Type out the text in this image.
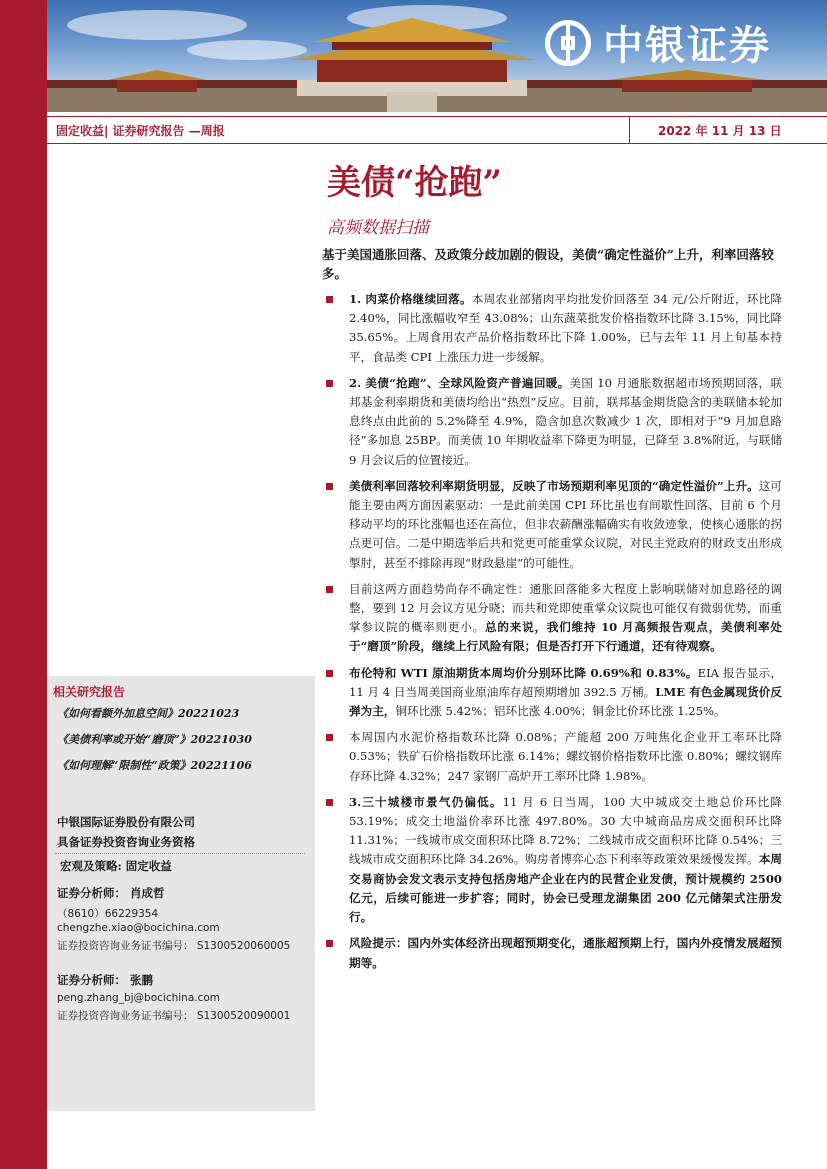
中银证券
固定收益| 证券研究报告 —周报	2022 年 11 月 13 日
美债“抢跑”
高频数据扫描
基于美国通胀回落、及政策分歧加剧的假设，美债“确定性溢价”上升，利率回落较多。
1. 肉菜价格继续回落。本周农业部猪肉平均批发价回落至 34 元/公斤附近，环比降 2.40%，同比涨幅收窄至 43.08%；山东蔬菜批发价格指数环比降 3.15%，同比降 35.65%。上周食用农产品价格指数环比下降 1.00%，已与去年 11 月上旬基本持平，食品类 CPI 上涨压力进一步缓解。
2. 美债“抢跑”、全球风险资产普遍回暖。美国 10 月通胀数据超市场预期回落，联邦基金利率期货和美债均给出“热烈”反应。目前，联邦基金期货隐含的美联储本轮加息终点由此前的 5.2%降至 4.9%，隐含加息次数减少 1 次，即相对于“9 月加息路径”多加息 25BP。而美债 10 年期收益率下降更为明显，已降至 3.8%附近，与联储 9 月会议后的位置接近。
美债利率回落较利率期货明显，反映了市场预期利率见顶的“确定性溢价”上升。这可能主要由两方面因素驱动：一是此前美国 CPI 环比虽也有间歇性回落、目前 6 个月移动平均的环比涨幅也还在高位，但非农薪酬涨幅确实有收敛迹象，使核心通胀的拐点更可信。二是中期选举后共和党更可能重掌众议院，对民主党政府的财政支出形成掣肘，甚至不排除再现“财政悬崖”的可能性。
目前这两方面趋势尚存不确定性：通胀回落能多大程度上影响联储对加息路径的调整，要到 12 月会议方见分晓；而共和党即使重掌众议院也可能仅有微弱优势，而重掌参议院的概率则更小。总的来说，我们维持 10 月高频报告观点，美债利率处于“磨顶”阶段，继续上行风险有限；但是否打开下行通道，还有待观察。
布伦特和 WTI 原油期货本周均价分别环比降 0.69%和 0.83%。EIA 报告显示，11 月 4 日当周美国商业原油库存超预期增加 392.5 万桶。LME 有色金属现货价反弹为主，铜环比涨 5.42%；铝环比涨 4.00%；铜金比价环比涨 1.25%。
本周国内水泥价格指数环比降 0.08%；产能超 200 万吨焦化企业开工率环比降 0.53%；铁矿石价格指数环比涨 6.14%；螺纹钢价格指数环比涨 0.80%；螺纹钢库存环比降 4.32%；247 家钢厂高炉开工率环比降 1.98%。
3.三十城楼市景气仍偏低。11 月 6 日当周，100 大中城成交土地总价环比降 53.19%；成交土地溢价率环比涨 497.80%。30 大中城商品房成交面积环比降 11.31%；一线城市成交面积环比降 8.72%；二线城市成交面积环比降 0.54%；三线城市成交面积环比降 34.26%。购房者博弈心态下利率等政策效果缓慢发挥。本周交易商协会发文表示支持包括房地产企业在内的民营企业发债，预计规模约 2500 亿元，后续可能进一步扩容；同时，协会已受理龙湖集团 200 亿元储架式注册发行。
风险提示：国内外实体经济出现超预期变化，通胀超预期上行，国内外疫情发展超预期等。
相关研究报告
《如何看额外加息空间》20221023
《美债利率或开始“磨顶”》20221030
《如何理解“限制性”政策》20221106
中银国际证券股份有限公司
具备证券投资咨询业务资格
宏观及策略: 固定收益
证券分析师： 肖成哲
（8610）66229354
chengzhe.xiao@bocichina.com
证券投资咨询业务证书编号： S1300520060005
证券分析师： 张鹏
peng.zhang_bj@bocichina.com
证券投资咨询业务证书编号： S1300520090001
